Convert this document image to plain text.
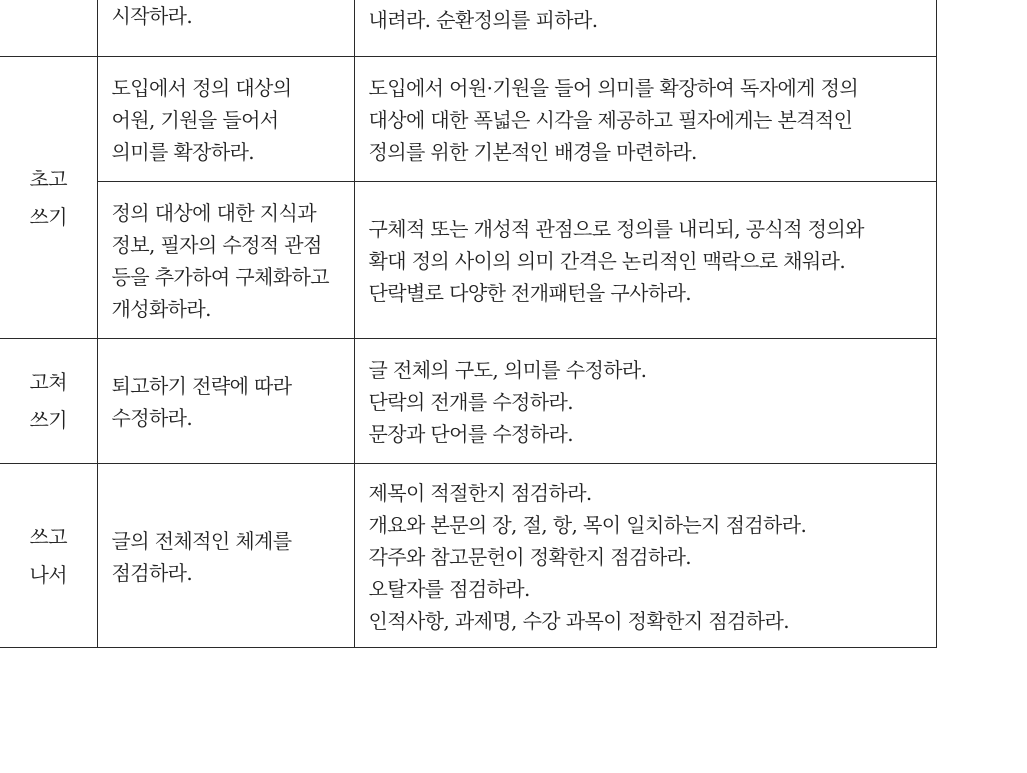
	시작하라.	내려라. 순환정의를 피하라.

초고
쓰기	도입에서 정의 대상의
어원, 기원을 들어서
의미를 확장하라.	도입에서 어원·기원을 들어 의미를 확장하여 독자에게 정의
대상에 대한 폭넓은 시각을 제공하고 필자에게는 본격적인
정의를 위한 기본적인 배경을 마련하라.

	정의 대상에 대한 지식과
정보, 필자의 수정적 관점
등을 추가하여 구체화하고
개성화하라.	구체적 또는 개성적 관점으로 정의를 내리되, 공식적 정의와
확대 정의 사이의 의미 간격은 논리적인 맥락으로 채워라.
단락별로 다양한 전개패턴을 구사하라.

고쳐
쓰기	퇴고하기 전략에 따라
수정하라.	글 전체의 구도, 의미를 수정하라.
단락의 전개를 수정하라.
문장과 단어를 수정하라.

쓰고
나서	글의 전체적인 체계를
점검하라.	제목이 적절한지 점검하라.
개요와 본문의 장, 절, 항, 목이 일치하는지 점검하라.
각주와 참고문헌이 정확한지 점검하라.
오탈자를 점검하라.
인적사항, 과제명, 수강 과목이 정확한지 점검하라.
